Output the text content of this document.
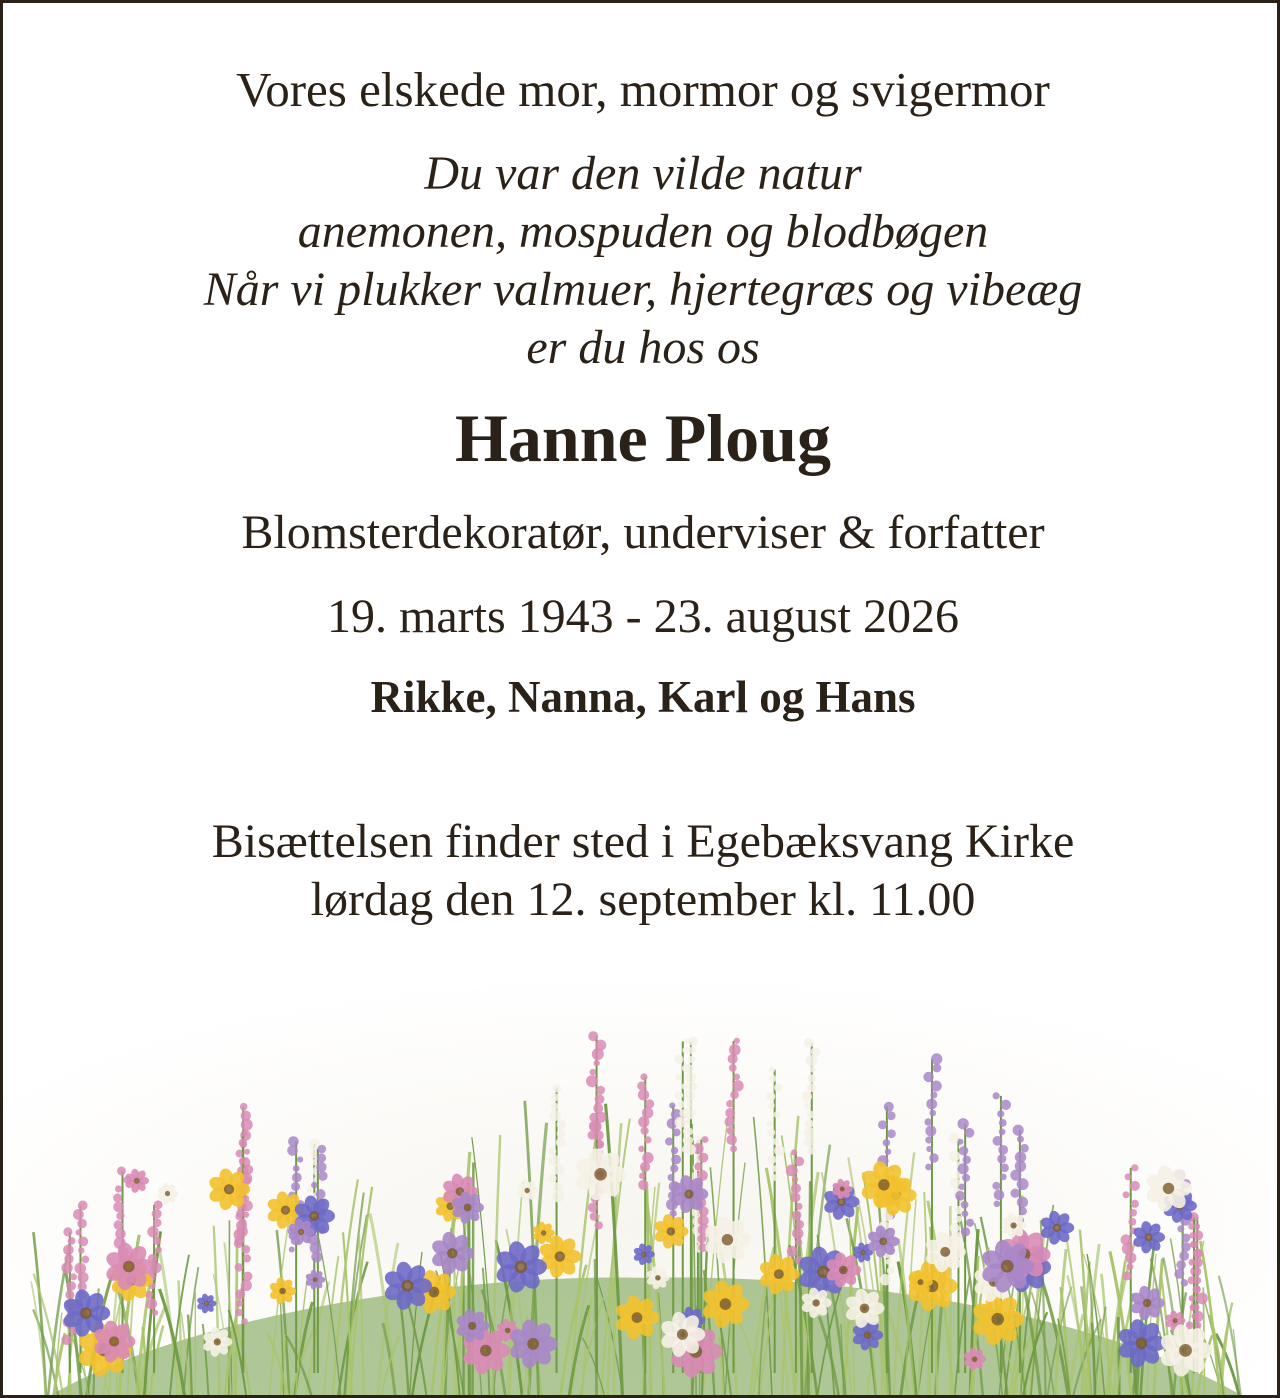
Vores elskede mor, mormor og svigermor
Du var den vilde natur
anemonen, mospuden og blodbøgen
Når vi plukker valmuer, hjertegræs og vibeæg
er du hos os
Hanne Ploug
Blomsterdekoratør, underviser & forfatter
19. marts 1943 - 23. august 2026
Rikke, Nanna, Karl og Hans
Bisættelsen finder sted i Egebæksvang Kirke
lørdag den 12. september kl. 11.00
